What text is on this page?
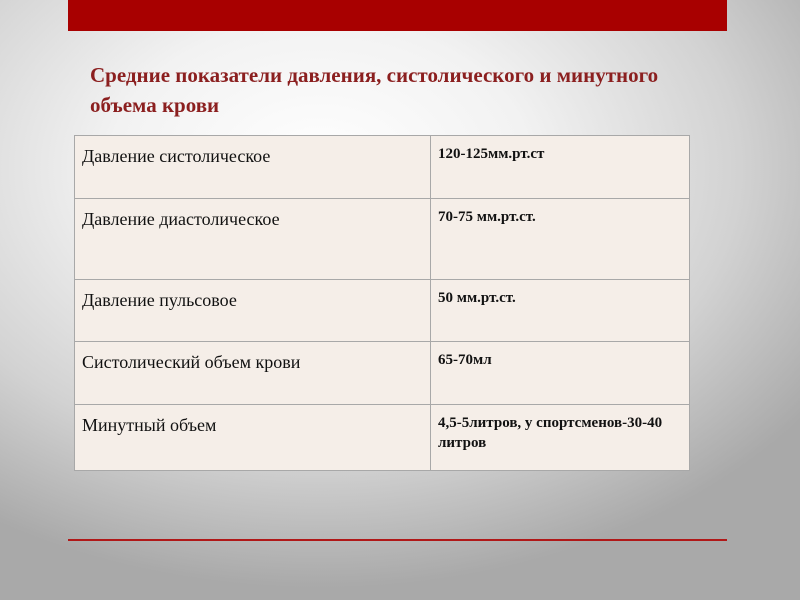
Средние показатели давления, систолического и минутного объема крови
Давление систолическое	120-125мм.рт.ст
Давление диастолическое	70-75 мм.рт.ст.
Давление пульсовое	50 мм.рт.ст.
Систолический объем крови	65-70мл
Минутный объем	4,5-5литров, у спортсменов-30-40 литров
